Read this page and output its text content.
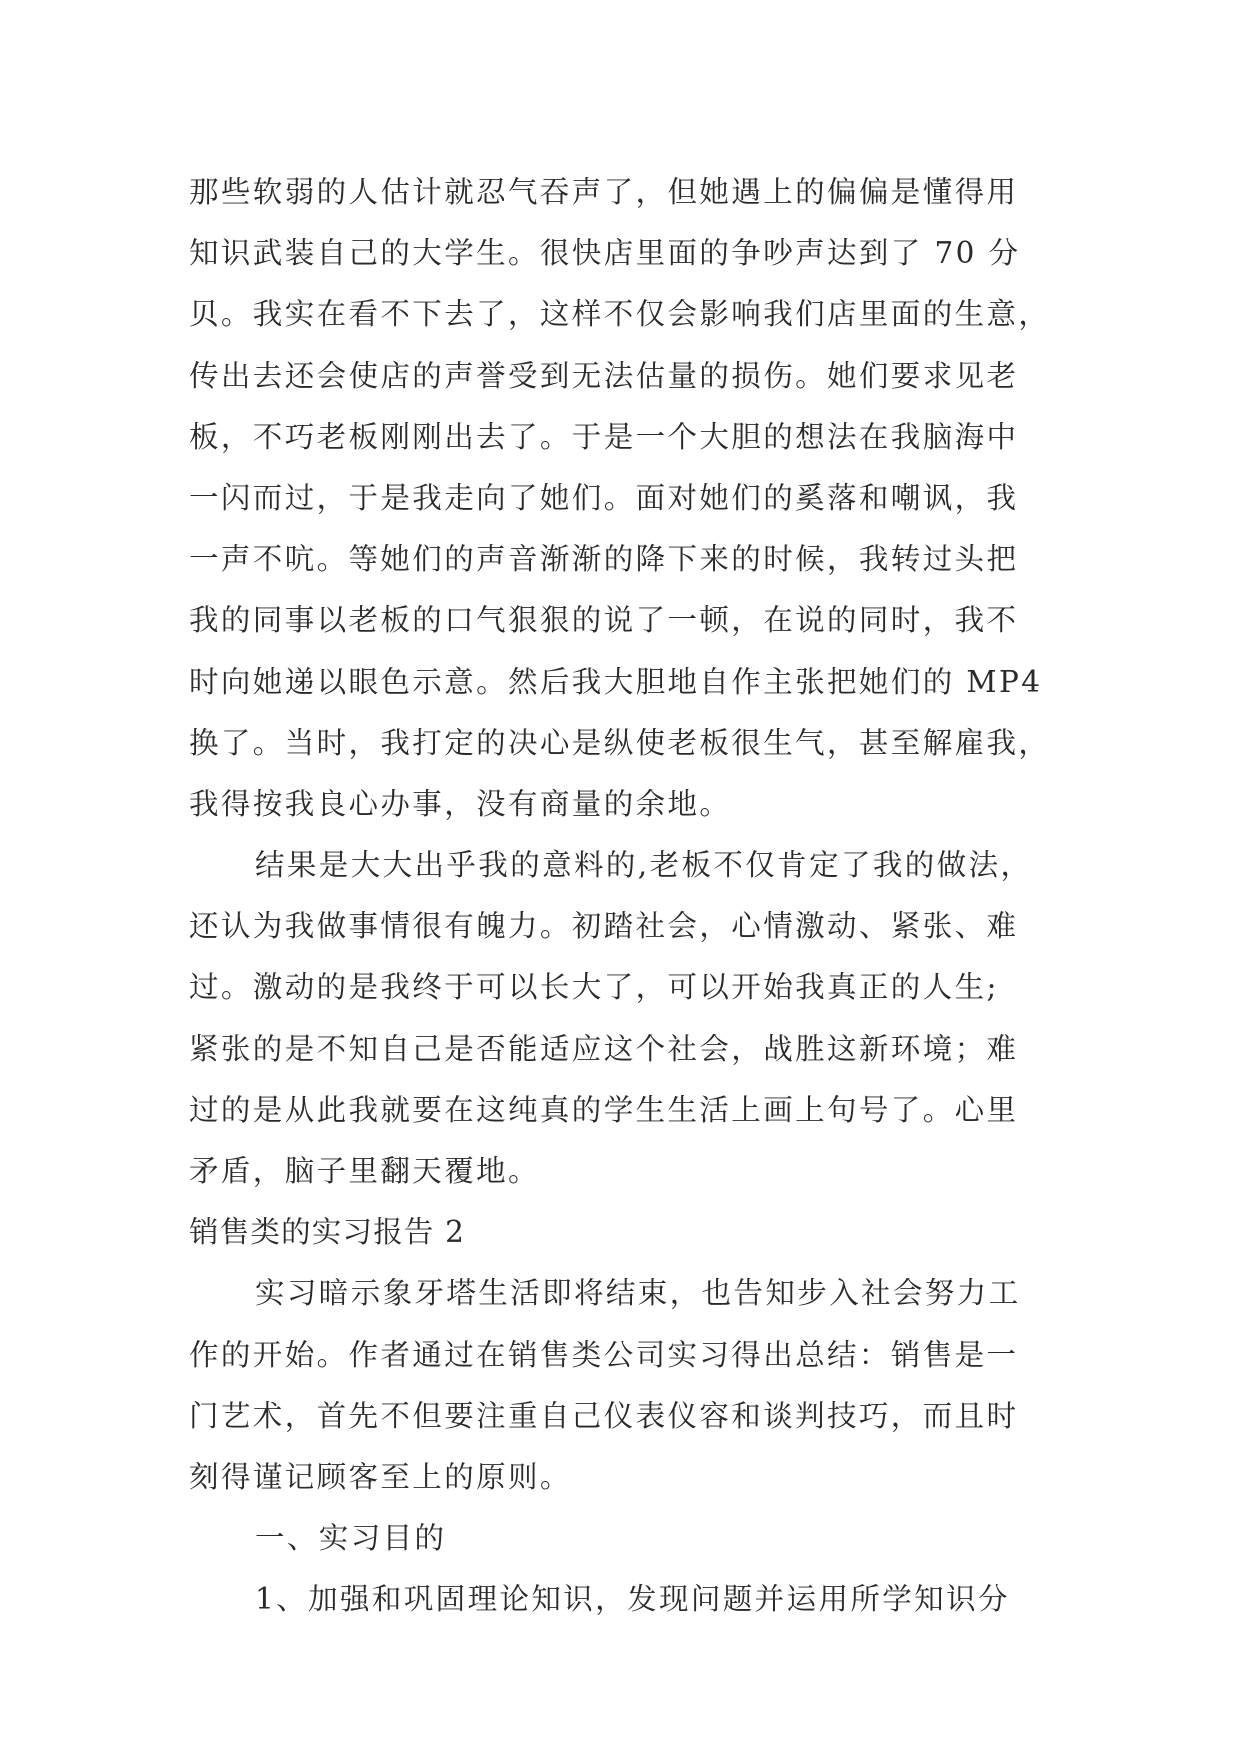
那些软弱的人估计就忍气吞声了，但她遇上的偏偏是懂得用
知识武装自己的大学生。很快店里面的争吵声达到了 70 分
贝。我实在看不下去了，这样不仅会影响我们店里面的生意，
传出去还会使店的声誉受到无法估量的损伤。她们要求见老
板，不巧老板刚刚出去了。于是一个大胆的想法在我脑海中
一闪而过，于是我走向了她们。面对她们的奚落和嘲讽，我
一声不吭。等她们的声音渐渐的降下来的时候，我转过头把
我的同事以老板的口气狠狠的说了一顿，在说的同时，我不
时向她递以眼色示意。然后我大胆地自作主张把她们的 MP4
换了。当时，我打定的决心是纵使老板很生气，甚至解雇我，
我得按我良心办事，没有商量的余地。
结果是大大出乎我的意料的,老板不仅肯定了我的做法，
还认为我做事情很有魄力。初踏社会，心情激动、紧张、难
过。激动的是我终于可以长大了，可以开始我真正的人生;
紧张的是不知自己是否能适应这个社会，战胜这新环境；难
过的是从此我就要在这纯真的学生生活上画上句号了。心里
矛盾，脑子里翻天覆地。
销售类的实习报告 2
实习暗示象牙塔生活即将结束，也告知步入社会努力工
作的开始。作者通过在销售类公司实习得出总结：销售是一
门艺术，首先不但要注重自己仪表仪容和谈判技巧，而且时
刻得谨记顾客至上的原则。
一、实习目的
1、加强和巩固理论知识，发现问题并运用所学知识分
